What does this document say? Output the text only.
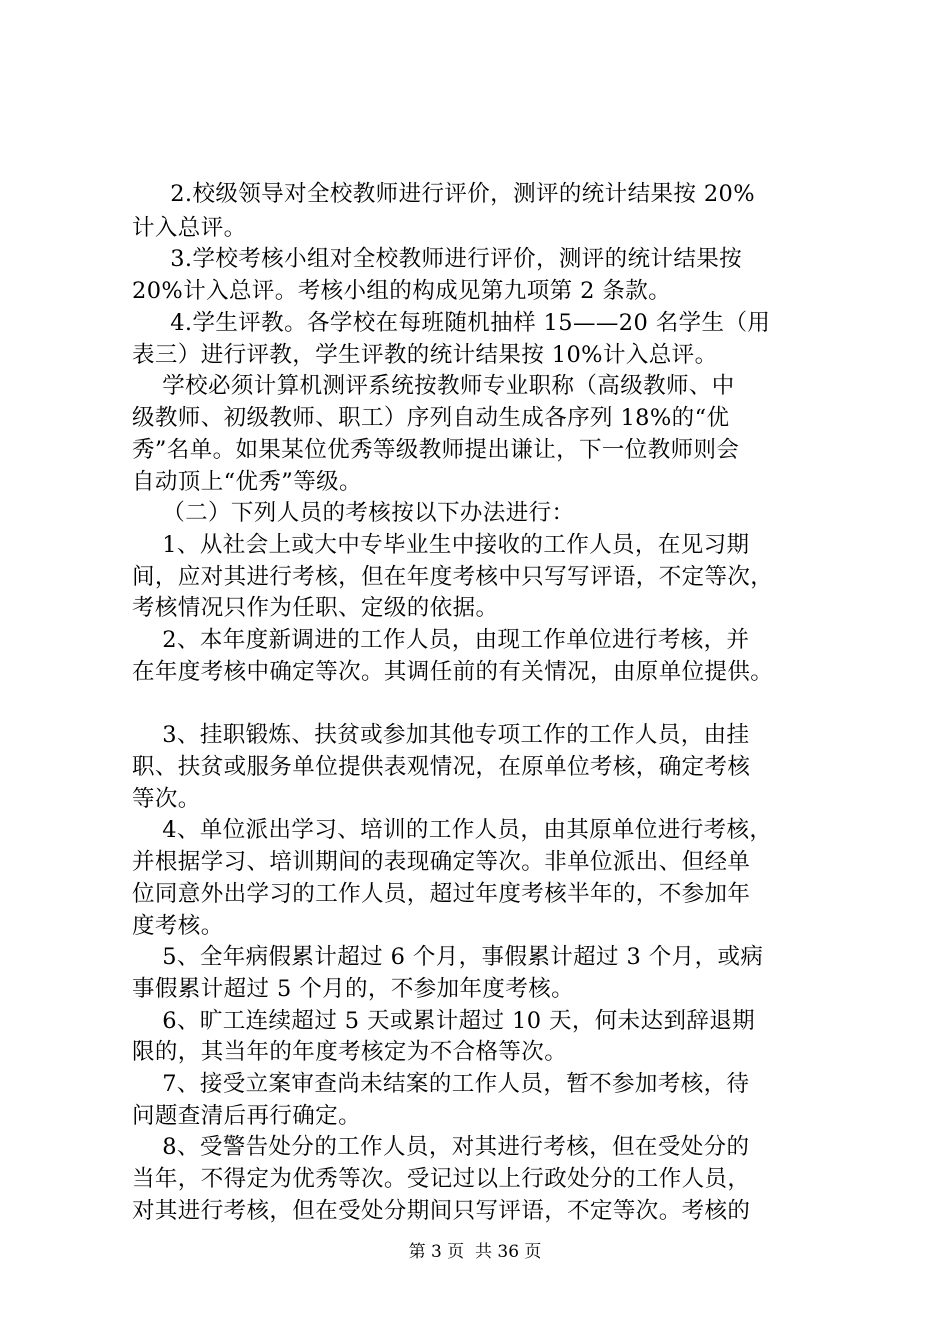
2.校级领导对全校教师进行评价，测评的统计结果按 20%
计入总评。
3.学校考核小组对全校教师进行评价，测评的统计结果按
20%计入总评。考核小组的构成见第九项第 2 条款。
4.学生评教。各学校在每班随机抽样 15——20 名学生（用
表三）进行评教，学生评教的统计结果按 10%计入总评。
学校必须计算机测评系统按教师专业职称（高级教师、中
级教师、初级教师、职工）序列自动生成各序列 18%的“优
秀”名单。如果某位优秀等级教师提出谦让，下一位教师则会
自动顶上“优秀”等级。
（二）下列人员的考核按以下办法进行：
1、从社会上或大中专毕业生中接收的工作人员，在见习期
间，应对其进行考核，但在年度考核中只写写评语，不定等次，
考核情况只作为任职、定级的依据。
2、本年度新调进的工作人员，由现工作单位进行考核，并
在年度考核中确定等次。其调任前的有关情况，由原单位提供。
3、挂职锻炼、扶贫或参加其他专项工作的工作人员，由挂
职、扶贫或服务单位提供表观情况，在原单位考核，确定考核
等次。
4、单位派出学习、培训的工作人员，由其原单位进行考核，
并根据学习、培训期间的表现确定等次。非单位派出、但经单
位同意外出学习的工作人员，超过年度考核半年的，不参加年
度考核。
5、全年病假累计超过 6 个月，事假累计超过 3 个月，或病
事假累计超过 5 个月的，不参加年度考核。
6、旷工连续超过 5 天或累计超过 10 天，何未达到辞退期
限的，其当年的年度考核定为不合格等次。
7、接受立案审查尚未结案的工作人员，暂不参加考核，待
问题查清后再行确定。
8、受警告处分的工作人员，对其进行考核，但在受处分的
当年，不得定为优秀等次。受记过以上行政处分的工作人员，
对其进行考核，但在受处分期间只写评语，不定等次。考核的
第 3 页  共 36 页
